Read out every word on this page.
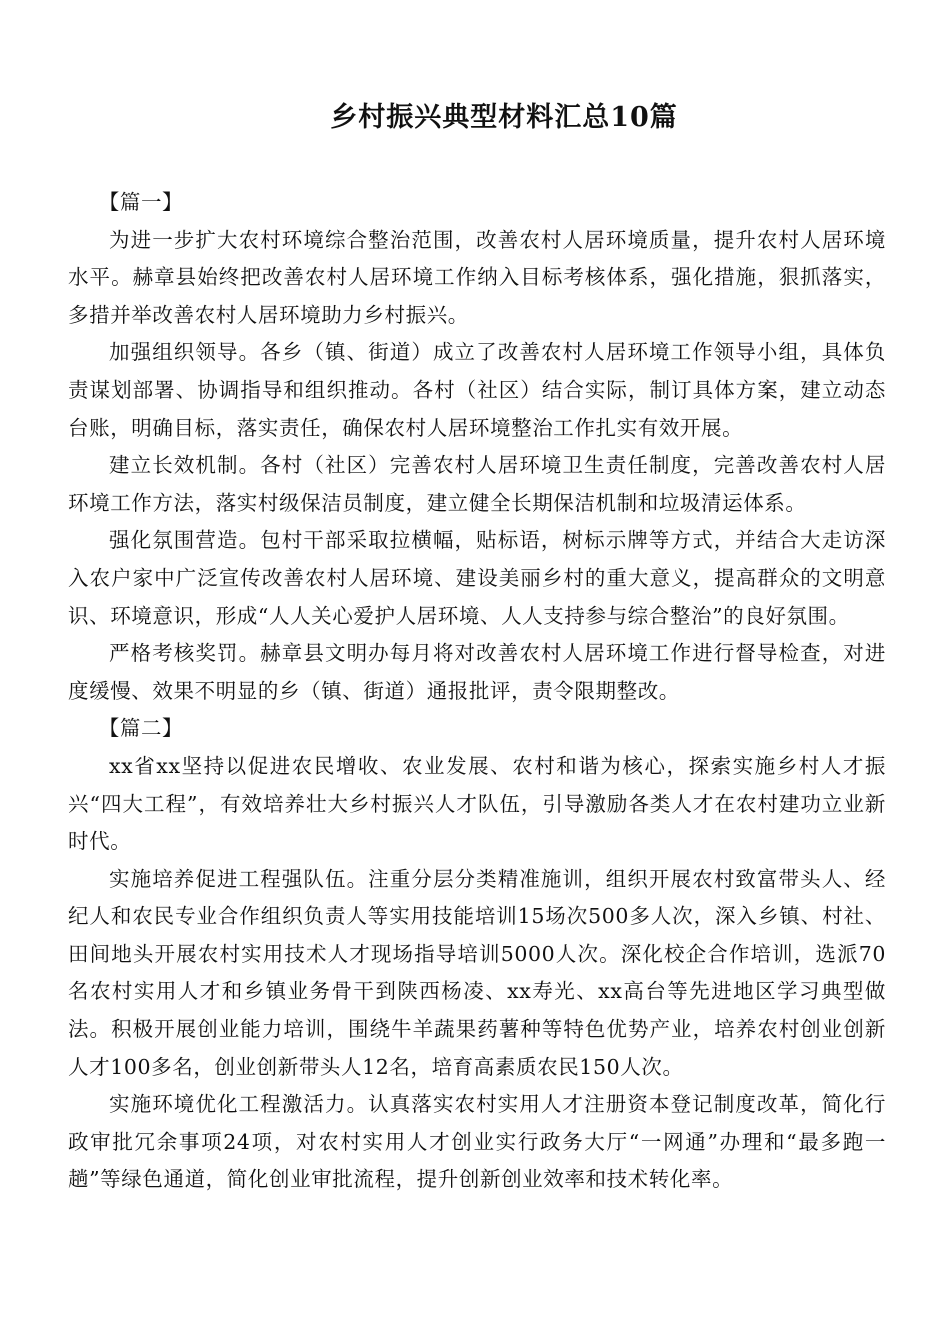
乡村振兴典型材料汇总10篇

【篇一】

为进一步扩大农村环境综合整治范围，改善农村人居环境质量，提升农村人居环境水平。赫章县始终把改善农村人居环境工作纳入目标考核体系，强化措施，狠抓落实，多措并举改善农村人居环境助力乡村振兴。

加强组织领导。各乡（镇、街道）成立了改善农村人居环境工作领导小组，具体负责谋划部署、协调指导和组织推动。各村（社区）结合实际，制订具体方案，建立动态台账，明确目标，落实责任，确保农村人居环境整治工作扎实有效开展。

建立长效机制。各村（社区）完善农村人居环境卫生责任制度，完善改善农村人居环境工作方法，落实村级保洁员制度，建立健全长期保洁机制和垃圾清运体系。

强化氛围营造。包村干部采取拉横幅，贴标语，树标示牌等方式，并结合大走访深入农户家中广泛宣传改善农村人居环境、建设美丽乡村的重大意义，提高群众的文明意识、环境意识，形成“人人关心爱护人居环境、人人支持参与综合整治”的良好氛围。

严格考核奖罚。赫章县文明办每月将对改善农村人居环境工作进行督导检查，对进度缓慢、效果不明显的乡（镇、街道）通报批评，责令限期整改。

【篇二】

xx省xx坚持以促进农民增收、农业发展、农村和谐为核心，探索实施乡村人才振兴“四大工程”，有效培养壮大乡村振兴人才队伍，引导激励各类人才在农村建功立业新时代。

实施培养促进工程强队伍。注重分层分类精准施训，组织开展农村致富带头人、经纪人和农民专业合作组织负责人等实用技能培训15场次500多人次，深入乡镇、村社、田间地头开展农村实用技术人才现场指导培训5000人次。深化校企合作培训，选派70名农村实用人才和乡镇业务骨干到陕西杨凌、xx寿光、xx高台等先进地区学习典型做法。积极开展创业能力培训，围绕牛羊蔬果药薯种等特色优势产业，培养农村创业创新人才100多名，创业创新带头人12名，培育高素质农民150人次。

实施环境优化工程激活力。认真落实农村实用人才注册资本登记制度改革，简化行政审批冗余事项24项，对农村实用人才创业实行政务大厅“一网通”办理和“最多跑一趟”等绿色通道，简化创业审批流程，提升创新创业效率和技术转化率。
